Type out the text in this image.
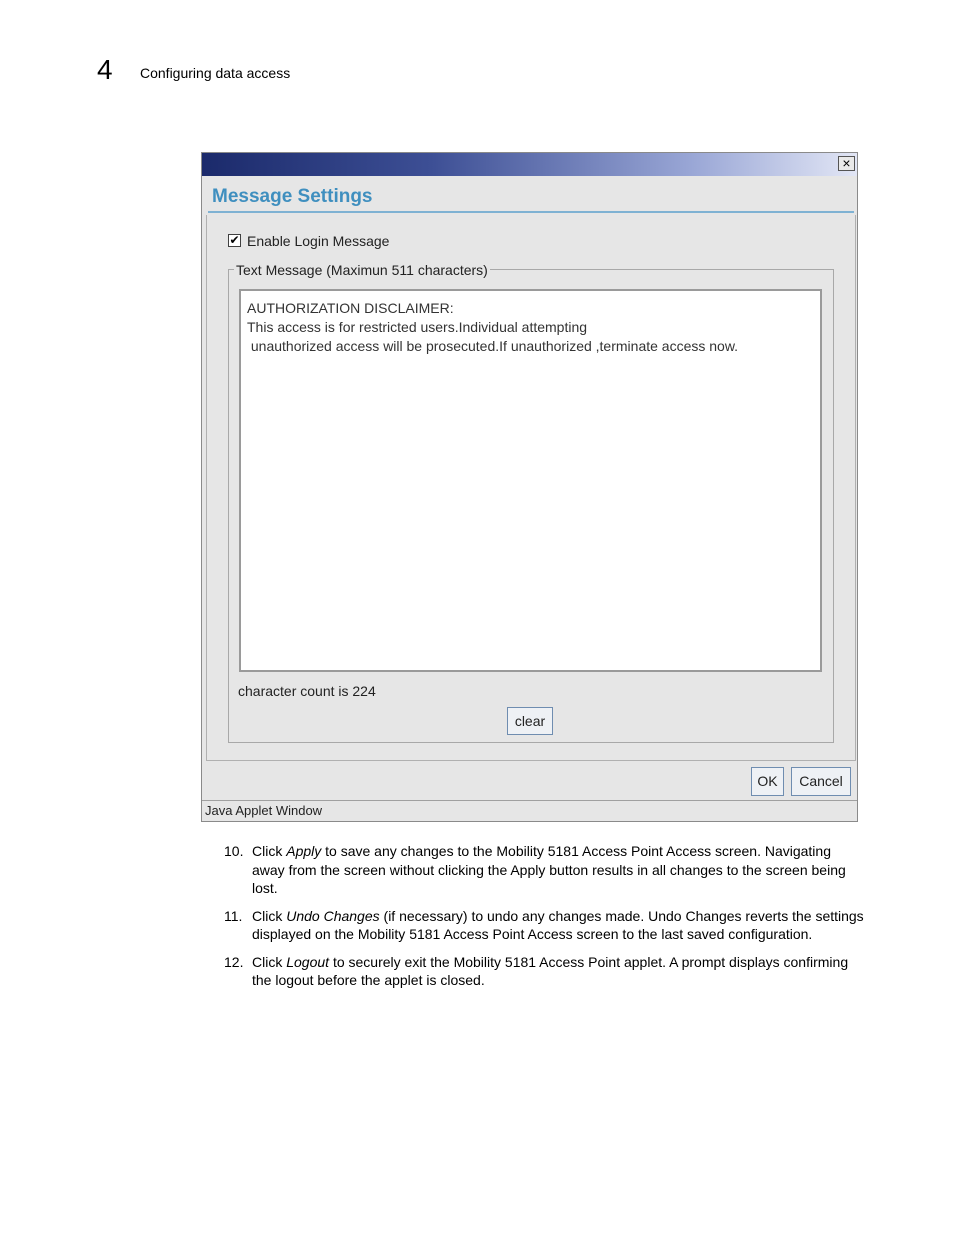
4 Configuring data access
×
Message Settings
✔ Enable Login Message
Text Message (Maximun 511 characters)

AUTHORIZATION DISCLAIMER:

This access is for restricted users.Individual attempting

unauthorized access will be prosecuted.If unauthorized ,terminate access now.

character count is 224
clear
OK	Cancel
Java Applet Window
10. Click Apply to save any changes to the Mobility 5181 Access Point Access screen. Navigating away from the screen without clicking the Apply button results in all changes to the screen being lost.
11. Click Undo Changes (if necessary) to undo any changes made. Undo Changes reverts the settings displayed on the Mobility 5181 Access Point Access screen to the last saved configuration.
12. Click Logout to securely exit the Mobility 5181 Access Point applet. A prompt displays confirming the logout before the applet is closed.
